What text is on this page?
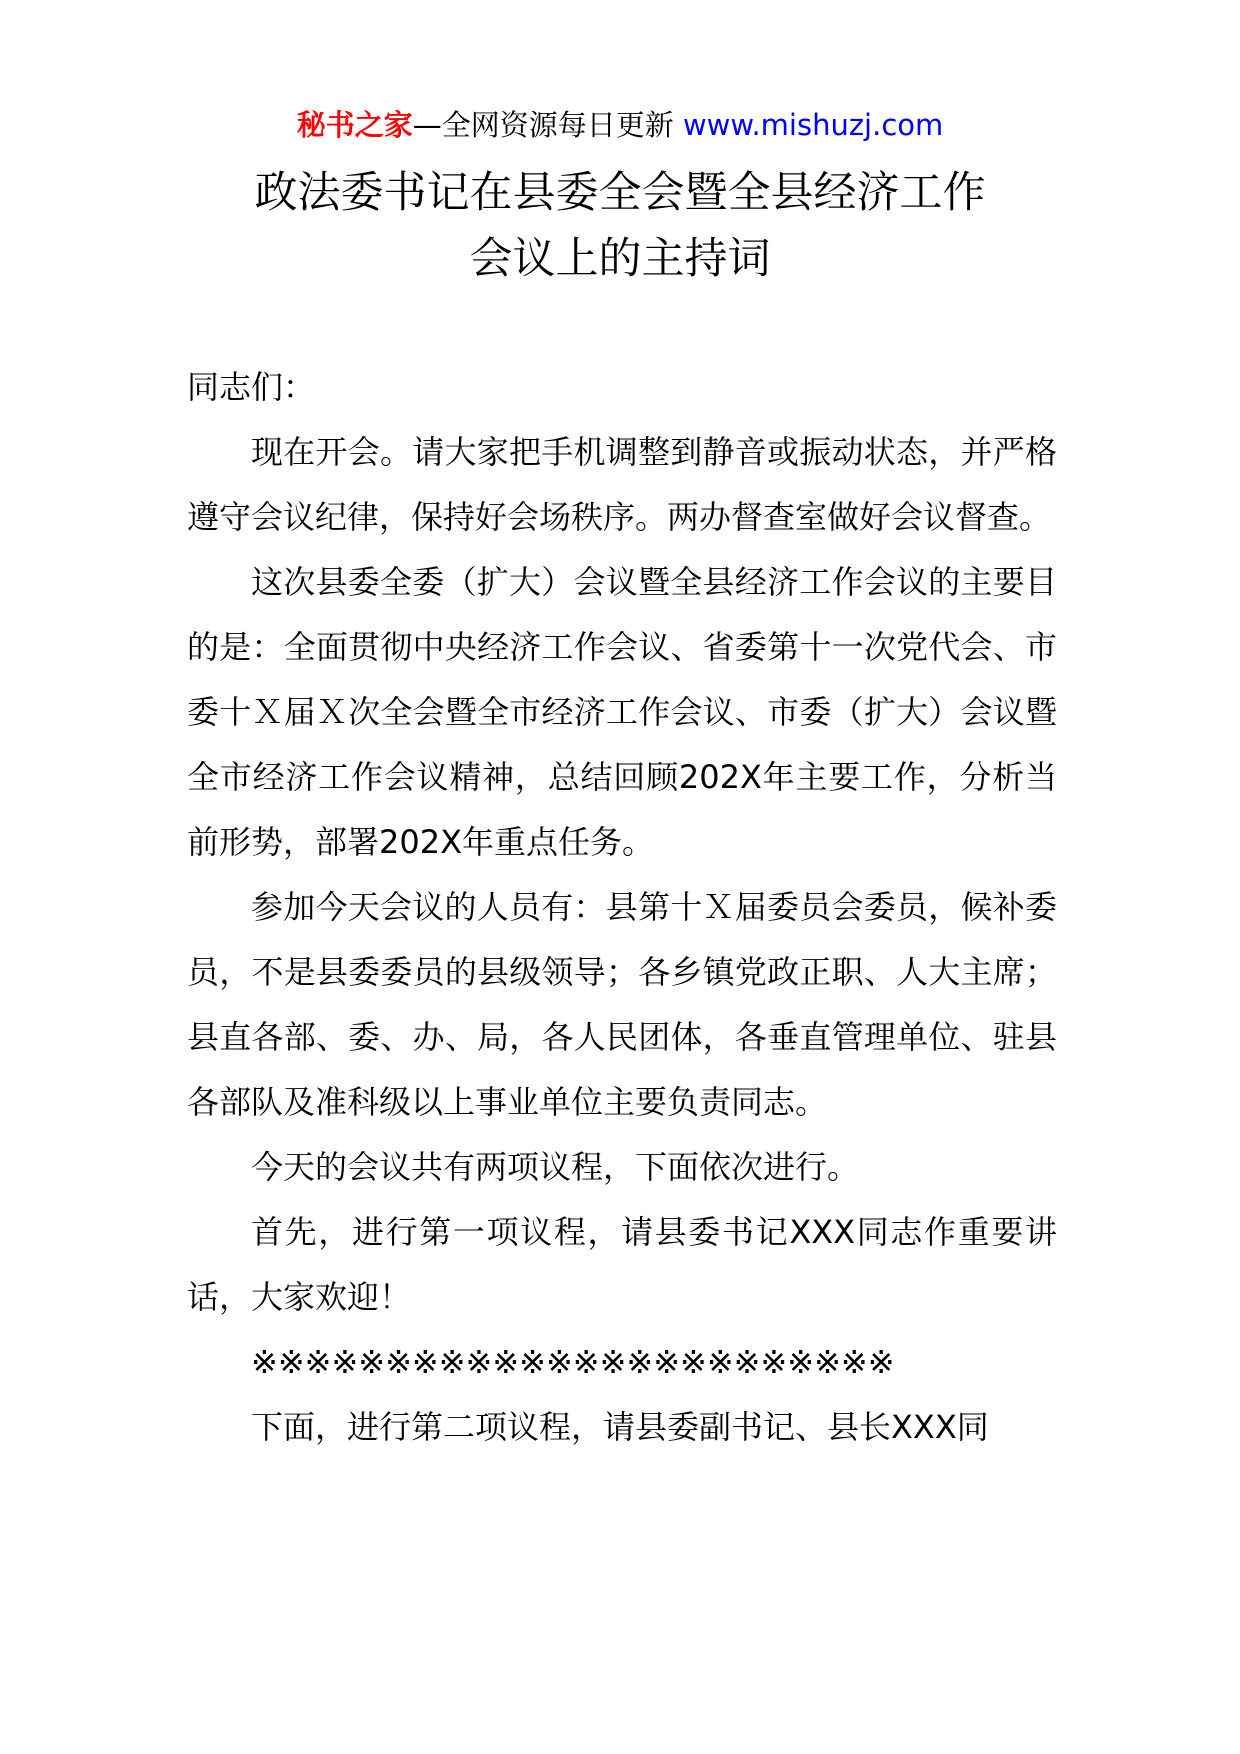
秘书之家—全网资源每日更新 www.mishuzj.com
政法委书记在县委全会暨全县经济工作
会议上的主持词

同志们：

现在开会。请大家把手机调整到静音或振动状态，并严格遵守会议纪律，保持好会场秩序。两办督查室做好会议督查。

这次县委全委（扩大）会议暨全县经济工作会议的主要目的是：全面贯彻中央经济工作会议、省委第十一次党代会、市委十Ｘ届Ｘ次全会暨全市经济工作会议、市委（扩大）会议暨全市经济工作会议精神，总结回顾202X年主要工作，分析当前形势，部署202X年重点任务。

参加今天会议的人员有：县第十Ｘ届委员会委员，候补委员，不是县委委员的县级领导；各乡镇党政正职、人大主席；县直各部、委、办、局，各人民团体，各垂直管理单位、驻县各部队及准科级以上事业单位主要负责同志。

今天的会议共有两项议程，下面依次进行。

首先，进行第一项议程，请县委书记XXX同志作重要讲话，大家欢迎！

※※※※※※※※※※※※※※※※※※※※※※※※

下面，进行第二项议程，请县委副书记、县长XXX同
